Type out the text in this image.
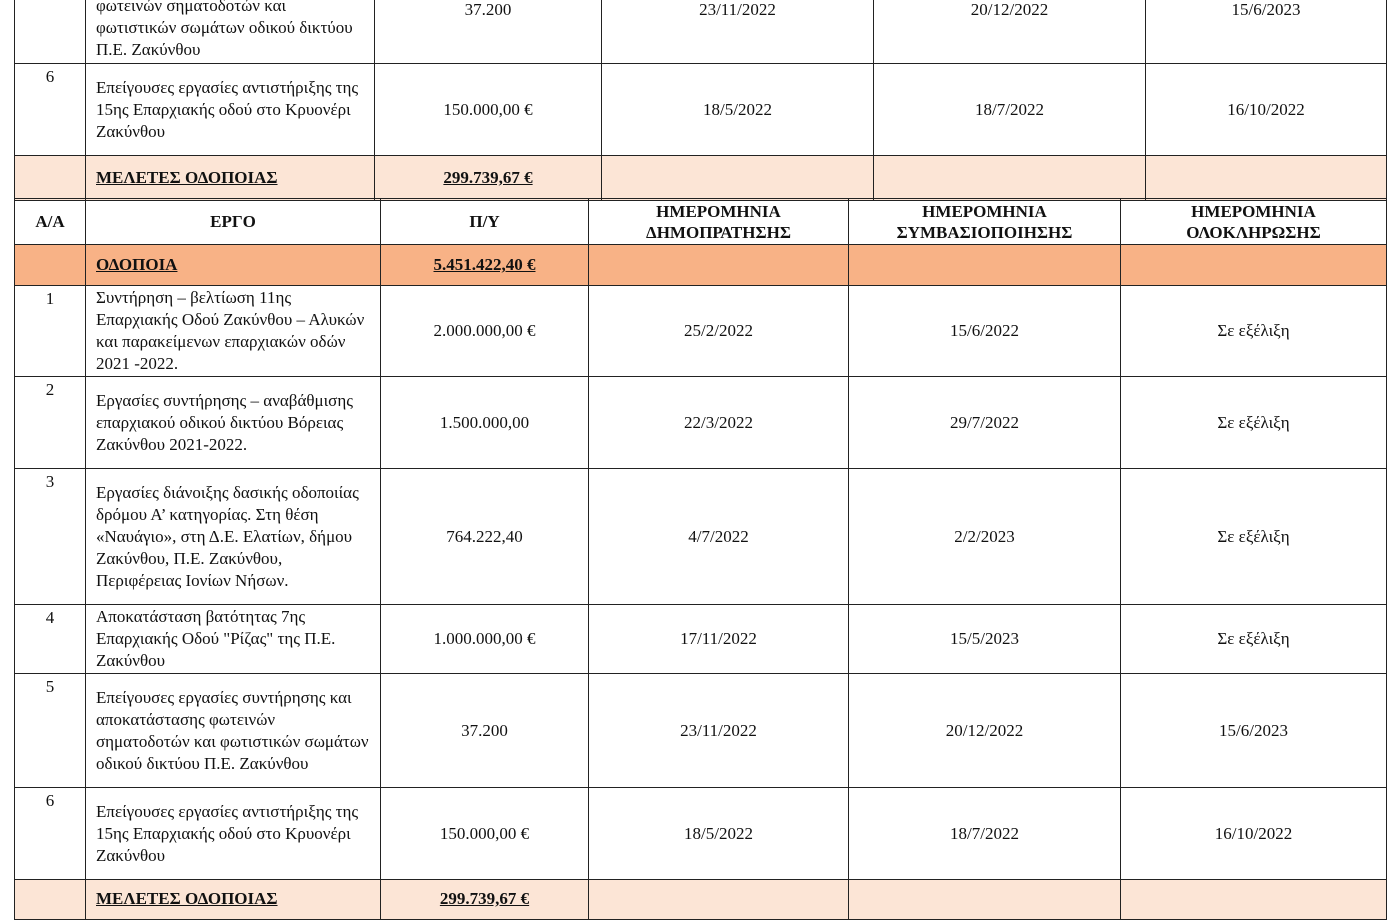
	φωτεινών σηματοδοτών και φωτιστικών σωμάτων οδικού δικτύου Π.Ε. Ζακύνθου	37.200	23/11/2022	20/12/2022	15/6/2023
6	Επείγουσες εργασίες αντιστήριξης της 15ης Επαρχιακής οδού στο Κρυονέρι Ζακύνθου	150.000,00 €	18/5/2022	18/7/2022	16/10/2022
	ΜΕΛΕΤΕΣ ΟΔΟΠΟΙΑΣ	299.739,67 €			
Α/Α	ΕΡΓΟ	Π/Υ	ΗΜΕΡΟΜΗΝΙΑ ΔΗΜΟΠΡΑΤΗΣΗΣ	ΗΜΕΡΟΜΗΝΙΑ ΣΥΜΒΑΣΙΟΠΟΙΗΣΗΣ	ΗΜΕΡΟΜΗΝΙΑ ΟΛΟΚΛΗΡΩΣΗΣ
	ΟΔΟΠΟΙΑ	5.451.422,40 €			
1	Συντήρηση – βελτίωση 11ης Επαρχιακής Οδού Ζακύνθου – Αλυκών και παρακείμενων επαρχιακών οδών 2021 -2022.	2.000.000,00 €	25/2/2022	15/6/2022	Σε εξέλιξη
2	Εργασίες συντήρησης – αναβάθμισης επαρχιακού οδικού δικτύου Βόρειας Ζακύνθου 2021-2022.	1.500.000,00	22/3/2022	29/7/2022	Σε εξέλιξη
3	Εργασίες διάνοιξης δασικής οδοποιίας δρόμου Α’ κατηγορίας. Στη θέση «Ναυάγιο», στη Δ.Ε. Ελατίων, δήμου Ζακύνθου, Π.Ε. Ζακύνθου, Περιφέρειας Ιονίων Νήσων.	764.222,40	4/7/2022	2/2/2023	Σε εξέλιξη
4	Αποκατάσταση βατότητας 7ης Επαρχιακής Οδού "Ρίζας" της Π.Ε. Ζακύνθου	1.000.000,00 €	17/11/2022	15/5/2023	Σε εξέλιξη
5	Επείγουσες εργασίες συντήρησης και αποκατάστασης φωτεινών σηματοδοτών και φωτιστικών σωμάτων οδικού δικτύου Π.Ε. Ζακύνθου	37.200	23/11/2022	20/12/2022	15/6/2023
6	Επείγουσες εργασίες αντιστήριξης της 15ης Επαρχιακής οδού στο Κρυονέρι Ζακύνθου	150.000,00 €	18/5/2022	18/7/2022	16/10/2022
	ΜΕΛΕΤΕΣ ΟΔΟΠΟΙΑΣ	299.739,67 €			
